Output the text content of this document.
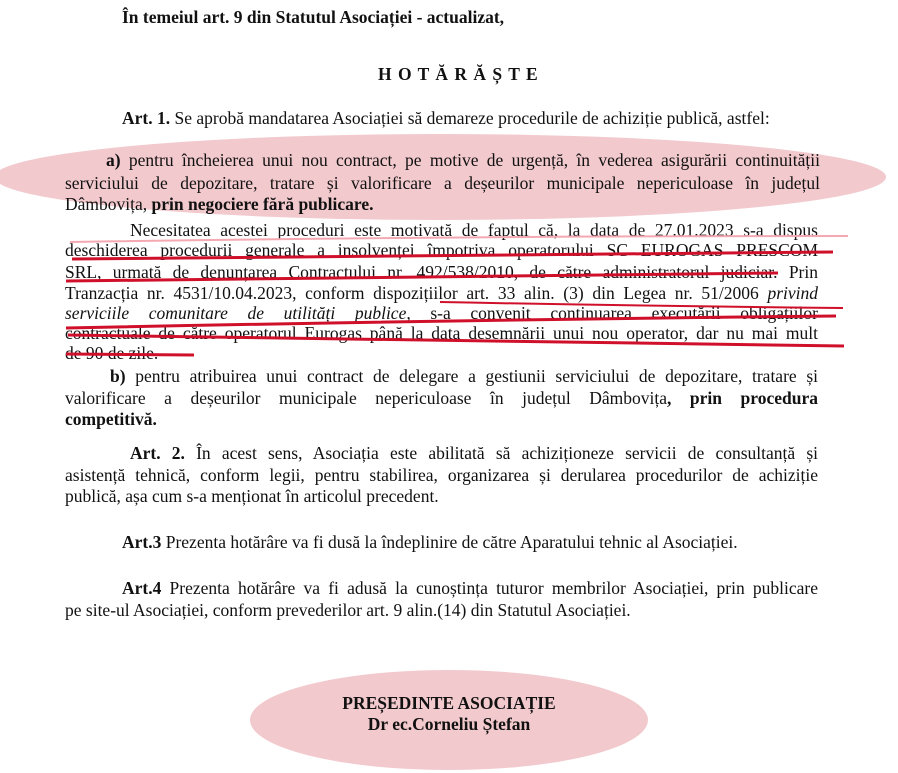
În temeiul art. 9 din Statutul Asociației - actualizat,
H O T Ă R Ă Ș T E
Art. 1. Se aprobă mandatarea Asociației să demareze procedurile de achiziție publică, astfel:
a) pentru încheierea unui nou contract, pe motive de urgență, în vederea asigurării continuității
serviciului de depozitare, tratare și valorificare a deșeurilor municipale nepericuloase în județul
Dâmbovița, prin negociere fără publicare.
Necesitatea acestei proceduri este motivată de faptul că, la data de 27.01.2023 s-a dispus
deschiderea procedurii generale a insolvenței împotriva operatorului SC EUROGAS PRESCOM
SRL, urmată de denunțarea Contractului nr. 492/538/2010, de către administratorul judiciar. Prin
Tranzacția nr. 4531/10.04.2023, conform dispozițiilor art. 33 alin. (3) din Legea nr. 51/2006 privind
serviciile comunitare de utilități publice, s-a convenit continuarea executării obligațiilor
contractuale de către operatorul Eurogas până la data desemnării unui nou operator, dar nu mai mult
de 90 de zile.
b) pentru atribuirea unui contract de delegare a gestiunii serviciului de depozitare, tratare și
valorificare a deșeurilor municipale nepericuloase în județul Dâmbovița, prin procedura
competitivă.
Art. 2. În acest sens, Asociația este abilitată să achiziționeze servicii de consultanță și
asistență tehnică, conform legii, pentru stabilirea, organizarea și derularea procedurilor de achiziție
publică, așa cum s-a menționat în articolul precedent.
Art.3 Prezenta hotărâre va fi dusă la îndeplinire de către Aparatului tehnic al Asociației.
Art.4 Prezenta hotărâre va fi adusă la cunoștința tuturor membrilor Asociației, prin publicare
pe site-ul Asociației, conform prevederilor art. 9 alin.(14) din Statutul Asociației.
PREȘEDINTE ASOCIAȚIE
Dr ec.Corneliu Ștefan
